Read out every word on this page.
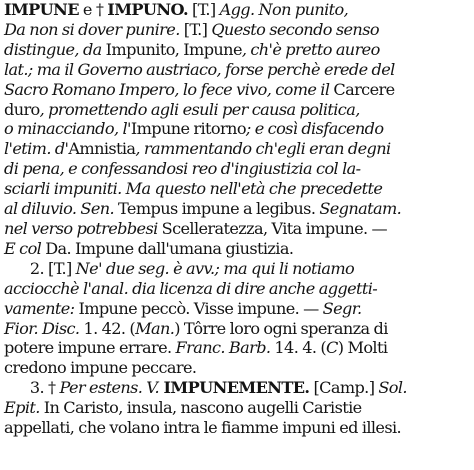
IMPUNE e † IMPUNO. [T.] Agg. Non punito,
Da non si dover punire. [T.] Questo secondo senso
distingue, da Impunito, Impune, ch'è pretto aureo
lat.; ma il Governo austriaco, forse perchè erede del
Sacro Romano Impero, lo fece vivo, come il Carcere
duro, promettendo agli esuli per causa politica,
o minacciando, l'Impune ritorno; e così disfacendo
l'etim. d'Amnistia, rammentando ch'egli eran degni
di pena, e confessandosi reo d'ingiustizia col la-
sciarli impuniti. Ma questo nell'età che precedette
al diluvio. Sen. Tempus impune a legibus. Segnatam.
nel verso potrebbesi Scelleratezza, Vita impune. —
E col Da. Impune dall'umana giustizia.
2. [T.] Ne' due seg. è avv.; ma qui li notiamo
acciocchè l'anal. dia licenza di dire anche aggetti-
vamente: Impune peccò. Visse impune. — Segr.
Fior. Disc. 1. 42. (Man.) Tôrre loro ogni speranza di
potere impune errare. Franc. Barb. 14. 4. (C) Molti
credono impune peccare.
3. † Per estens. V. IMPUNEMENTE. [Camp.] Sol.
Epit. In Caristo, insula, nascono augelli Caristie
appellati, che volano intra le fiamme impuni ed illesi.
